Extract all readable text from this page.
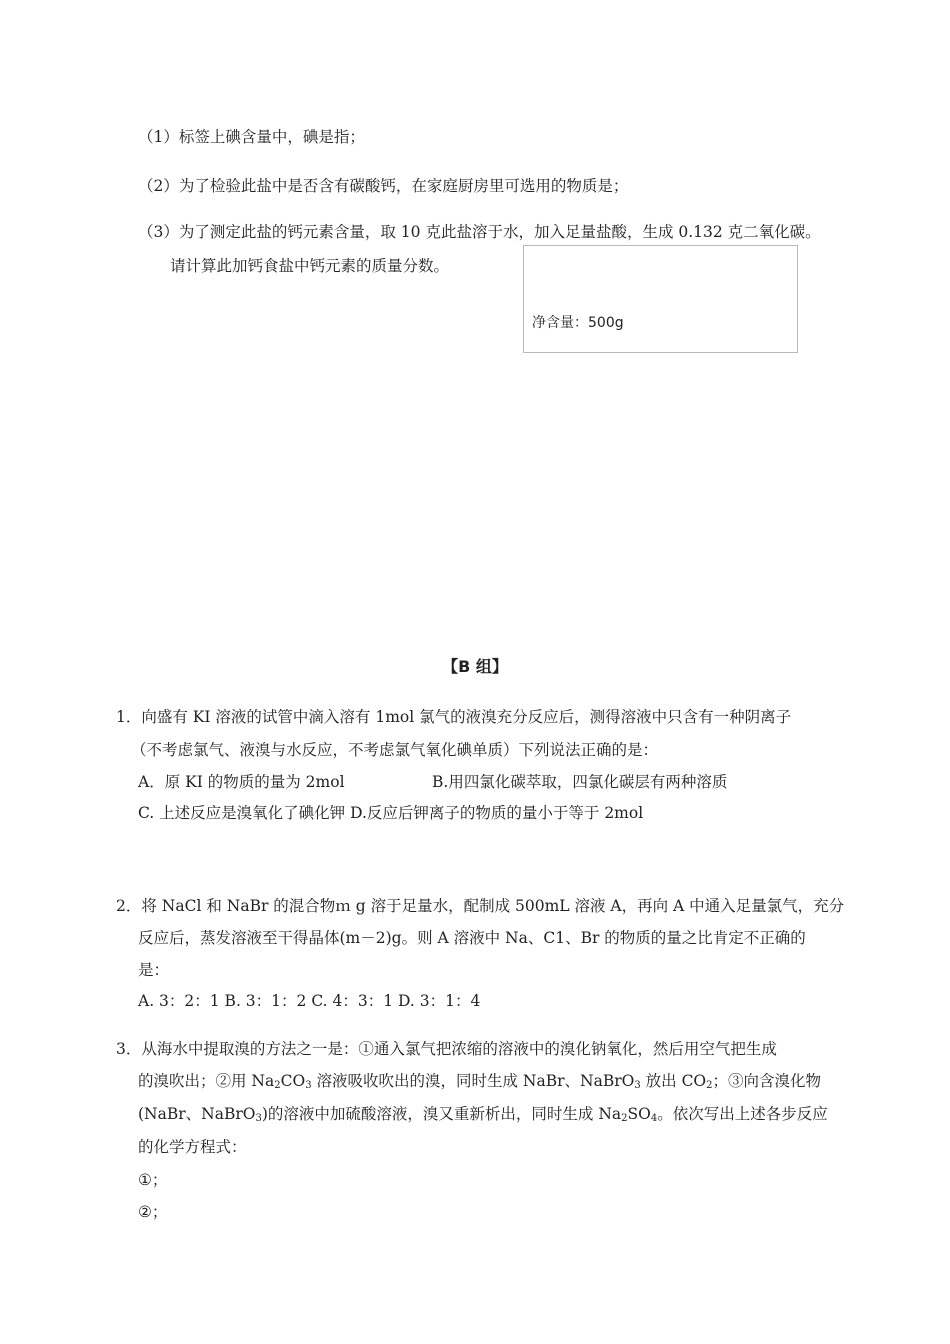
（1）标签上碘含量中，碘是指；
（2）为了检验此盐中是否含有碳酸钙，在家庭厨房里可选用的物质是；
（3）为了测定此盐的钙元素含量，取 10 克此盐溶于水，加入足量盐酸，生成 0.132 克二氧化碳。
请计算此加钙食盐中钙元素的质量分数。
净含量：500g
【B 组】
1．向盛有 KI 溶液的试管中滴入溶有 1mol 氯气的液溴充分反应后，测得溶液中只含有一种阴离子
（不考虑氯气、液溴与水反应，不考虑氯气氧化碘单质）下列说法正确的是：
A．原 KI 的物质的量为 2mol	B.用四氯化碳萃取，四氯化碳层有两种溶质
C. 上述反应是溴氧化了碘化钾 D.反应后钾离子的物质的量小于等于 2mol
2．将 NaCl 和 NaBr 的混合物ｍ g 溶于足量水，配制成 500mL 溶液 A，再向 A 中通入足量氯气，充分
反应后，蒸发溶液至干得晶体(m－2)g。则 A 溶液中 Na、C1、Br 的物质的量之比肯定不正确的
是：
A. 3：2：1 B. 3：1：2 C. 4：3：1 D. 3：1：4
3．从海水中提取溴的方法之一是：①通入氯气把浓缩的溶液中的溴化钠氧化，然后用空气把生成
的溴吹出；②用 $Na_2CO_3$ 溶液吸收吹出的溴，同时生成 NaBr、NaBrO$_3$ 放出 $CO_2$；③向含溴化物
(NaBr、NaBrO$_3$)的溶液中加硫酸溶液，溴又重新析出，同时生成 $Na_2SO_4$。依次写出上述各步反应
的化学方程式：
①；
②；
